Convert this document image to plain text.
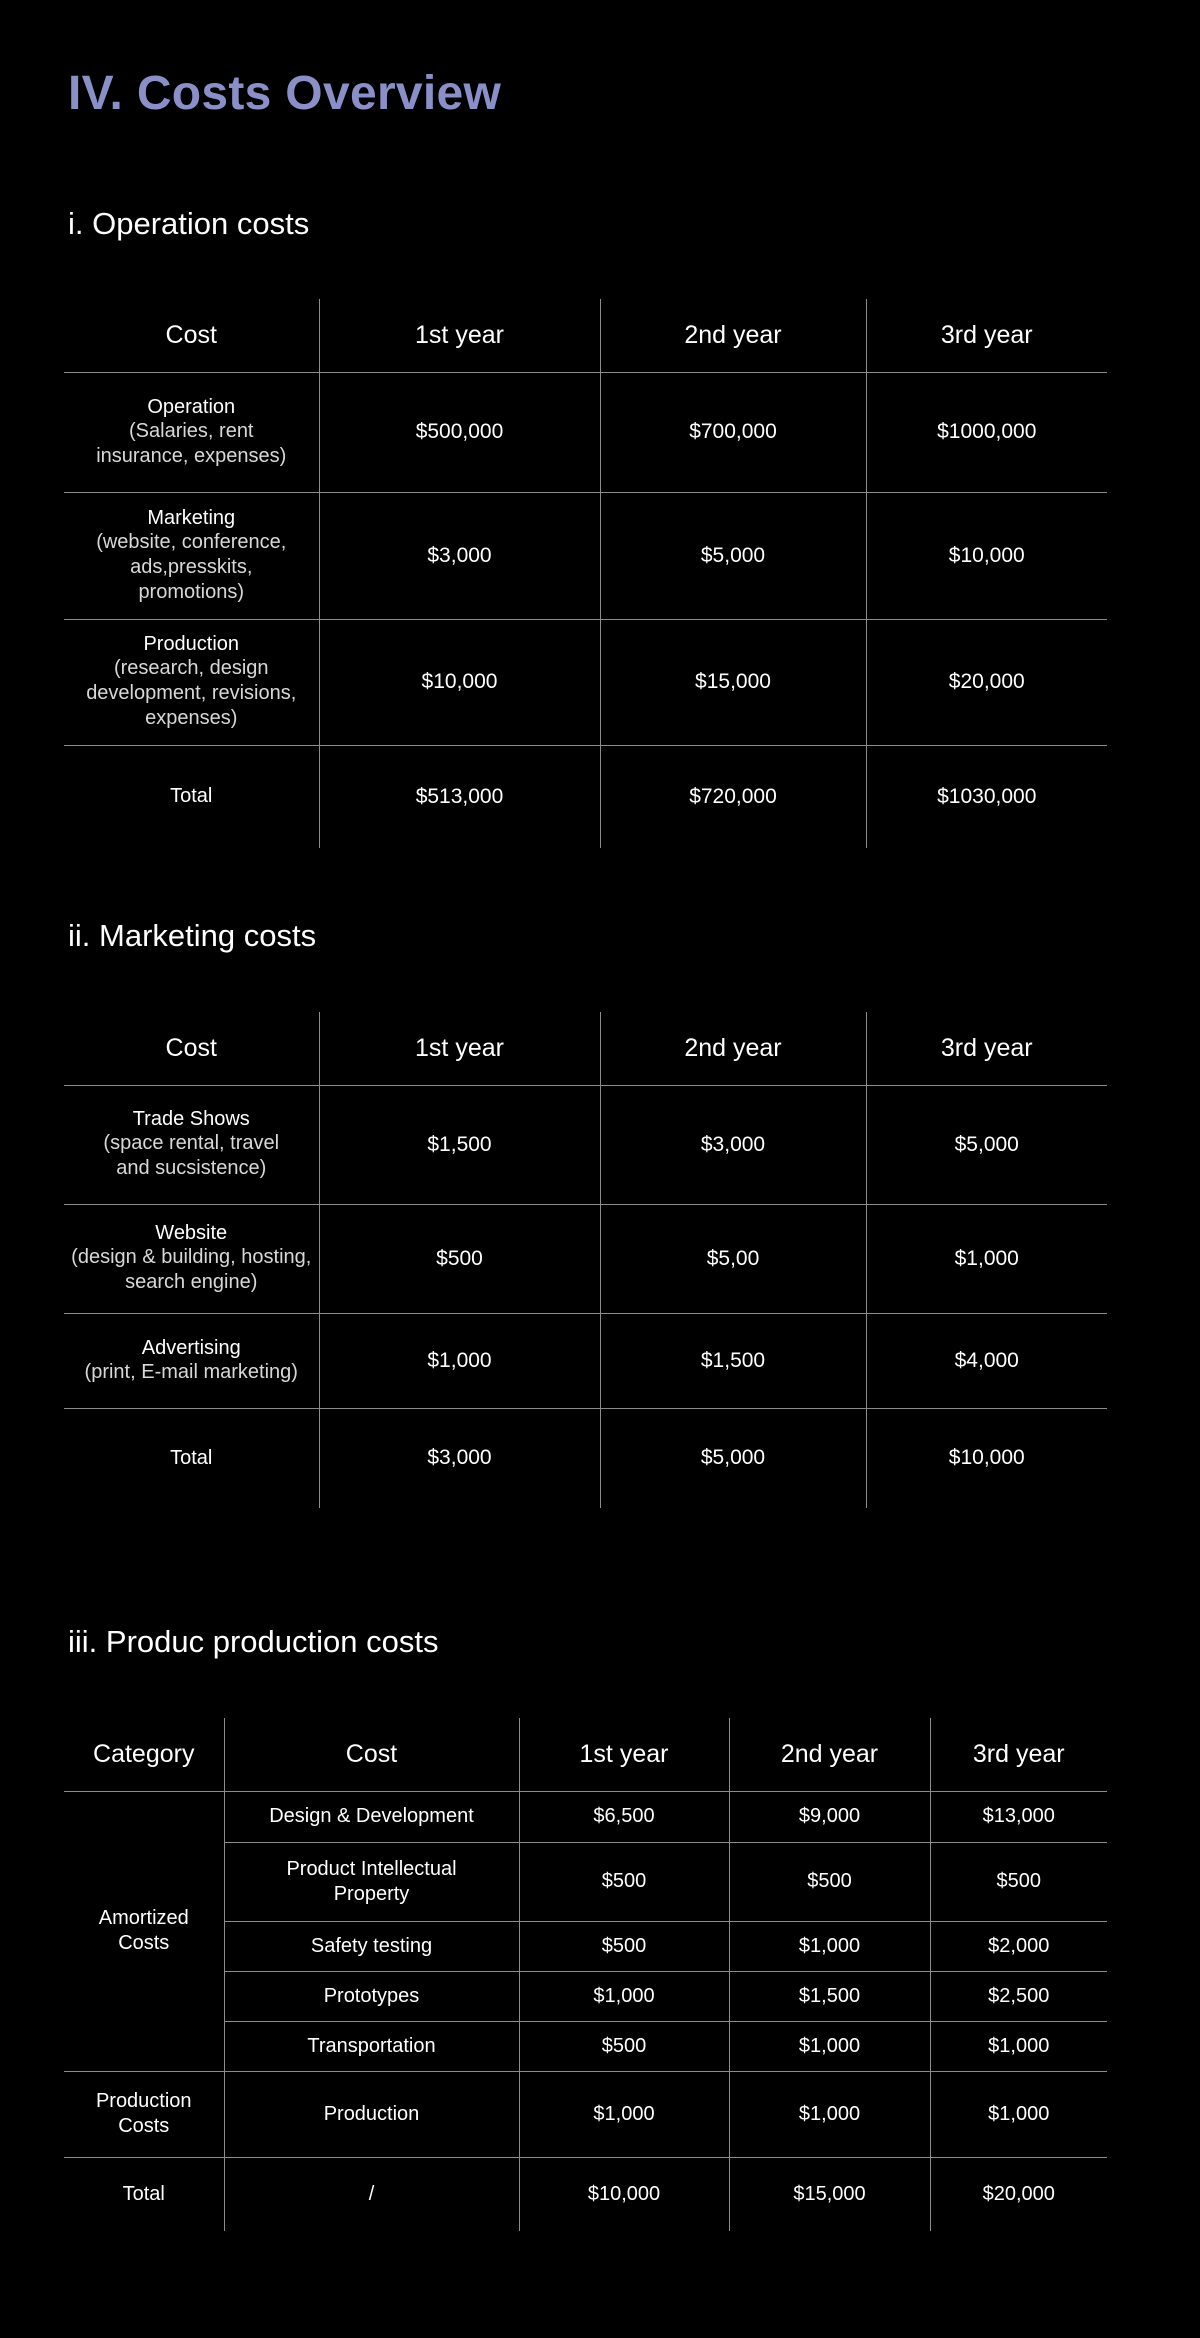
IV. Costs Overview
i. Operation costs
Cost	1st year	2nd year	3rd year

Operation
(Salaries, rent insurance, expenses)	$500,000	$700,000	$1000,000

Marketing
(website, conference, ads,presskits, promotions)	$3,000	$5,000	$10,000

Production
(research, design development, revisions, expenses)	$10,000	$15,000	$20,000

Total	$513,000	$720,000	$1030,000
ii. Marketing costs
Cost	1st year	2nd year	3rd year

Trade Shows
(space rental, travel and sucsistence)	$1,500	$3,000	$5,000

Website
(design & building, hosting, search engine)	$500	$5,00	$1,000

Advertising
(print, E-mail marketing)	$1,000	$1,500	$4,000

Total	$3,000	$5,000	$10,000
iii. Produc production costs
Category	Cost	1st year	2nd year	3rd year
Amortized Costs	Design & Development	$6,500	$9,000	$13,000
	Product Intellectual Property	$500	$500	$500
	Safety testing	$500	$1,000	$2,000
	Prototypes	$1,000	$1,500	$2,500
	Transportation	$500	$1,000	$1,000
Production Costs	Production	$1,000	$1,000	$1,000
Total	/	$10,000	$15,000	$20,000
